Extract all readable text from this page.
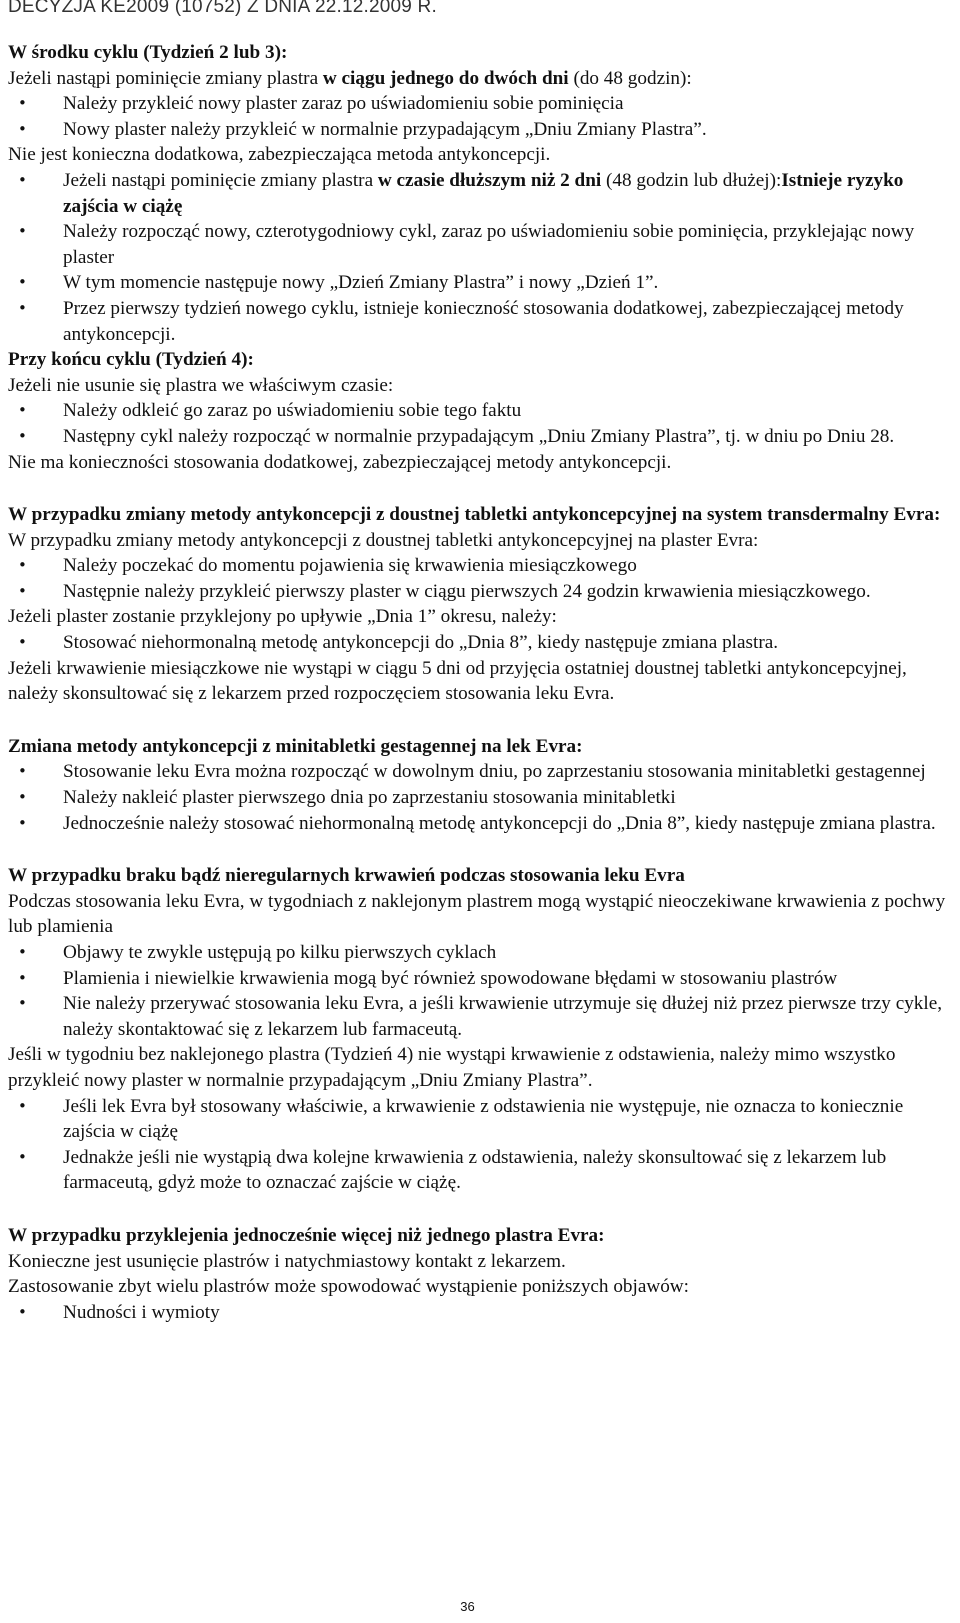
DECYZJA KE2009 (10752) Z DNIA 22.12.2009 R.

W środku cyklu (Tydzień 2 lub 3):

Jeżeli nastąpi pominięcie zmiany plastra w ciągu jednego do dwóch dni (do 48 godzin):

• Należy przykleić nowy plaster zaraz po uświadomieniu sobie pominięcia
• Nowy plaster należy przykleić w normalnie przypadającym „Dniu Zmiany Plastra”.

Nie jest konieczna dodatkowa, zabezpieczająca metoda antykoncepcji.

• Jeżeli nastąpi pominięcie zmiany plastra w czasie dłuższym niż 2 dni (48 godzin lub dłużej):Istnieje ryzyko zajścia w ciążę

• Należy rozpocząć nowy, czterotygodniowy cykl, zaraz po uświadomieniu sobie pominięcia, przyklejając nowy plaster
• W tym momencie następuje nowy „Dzień Zmiany Plastra” i nowy „Dzień 1”.
• Przez pierwszy tydzień nowego cyklu, istnieje konieczność stosowania dodatkowej, zabezpieczającej metody antykoncepcji.

Przy końcu cyklu (Tydzień 4):

Jeżeli nie usunie się plastra we właściwym czasie:

• Należy odkleić go zaraz po uświadomieniu sobie tego faktu
• Następny cykl należy rozpocząć w normalnie przypadającym „Dniu Zmiany Plastra”, tj. w dniu po Dniu 28.

Nie ma konieczności stosowania dodatkowej, zabezpieczającej metody antykoncepcji.

W przypadku zmiany metody antykoncepcji z doustnej tabletki antykoncepcyjnej na system transdermalny Evra:

W przypadku zmiany metody antykoncepcji z doustnej tabletki antykoncepcyjnej na plaster Evra:

• Należy poczekać do momentu pojawienia się krwawienia miesiączkowego
• Następnie należy przykleić pierwszy plaster w ciągu pierwszych 24 godzin krwawienia miesiączkowego.

Jeżeli plaster zostanie przyklejony po upływie „Dnia 1” okresu, należy:

• Stosować niehormonalną metodę antykoncepcji do „Dnia 8”, kiedy następuje zmiana plastra.

Jeżeli krwawienie miesiączkowe nie wystąpi w ciągu 5 dni od przyjęcia ostatniej doustnej tabletki antykoncepcyjnej, należy skonsultować się z lekarzem przed rozpoczęciem stosowania leku Evra.

Zmiana metody antykoncepcji z minitabletki gestagennej na lek Evra:

• Stosowanie leku Evra można rozpocząć w dowolnym dniu, po zaprzestaniu stosowania minitabletki gestagennej
• Należy nakleić plaster pierwszego dnia po zaprzestaniu stosowania minitabletki
• Jednocześnie należy stosować niehormonalną metodę antykoncepcji do „Dnia 8”, kiedy następuje zmiana plastra.

W przypadku braku bądź nieregularnych krwawień podczas stosowania leku Evra

Podczas stosowania leku Evra, w tygodniach z naklejonym plastrem mogą wystąpić nieoczekiwane krwawienia z pochwy lub plamienia

• Objawy te zwykle ustępują po kilku pierwszych cyklach
• Plamienia i niewielkie krwawienia mogą być również spowodowane błędami w stosowaniu plastrów
• Nie należy przerywać stosowania leku Evra, a jeśli krwawienie utrzymuje się dłużej niż przez pierwsze trzy cykle, należy skontaktować się z lekarzem lub farmaceutą.

Jeśli w tygodniu bez naklejonego plastra (Tydzień 4) nie wystąpi krwawienie z odstawienia, należy mimo wszystko przykleić nowy plaster w normalnie przypadającym „Dniu Zmiany Plastra”.

• Jeśli lek Evra był stosowany właściwie, a krwawienie z odstawienia nie występuje, nie oznacza to koniecznie zajścia w ciążę
• Jednakże jeśli nie wystąpią dwa kolejne krwawienia z odstawienia, należy skonsultować się z lekarzem lub farmaceutą, gdyż może to oznaczać zajście w ciążę.

W przypadku przyklejenia jednocześnie więcej niż jednego plastra Evra:

Konieczne jest usunięcie plastrów i natychmiastowy kontakt z lekarzem.

Zastosowanie zbyt wielu plastrów może spowodować wystąpienie poniższych objawów:

• Nudności i wymioty
36
